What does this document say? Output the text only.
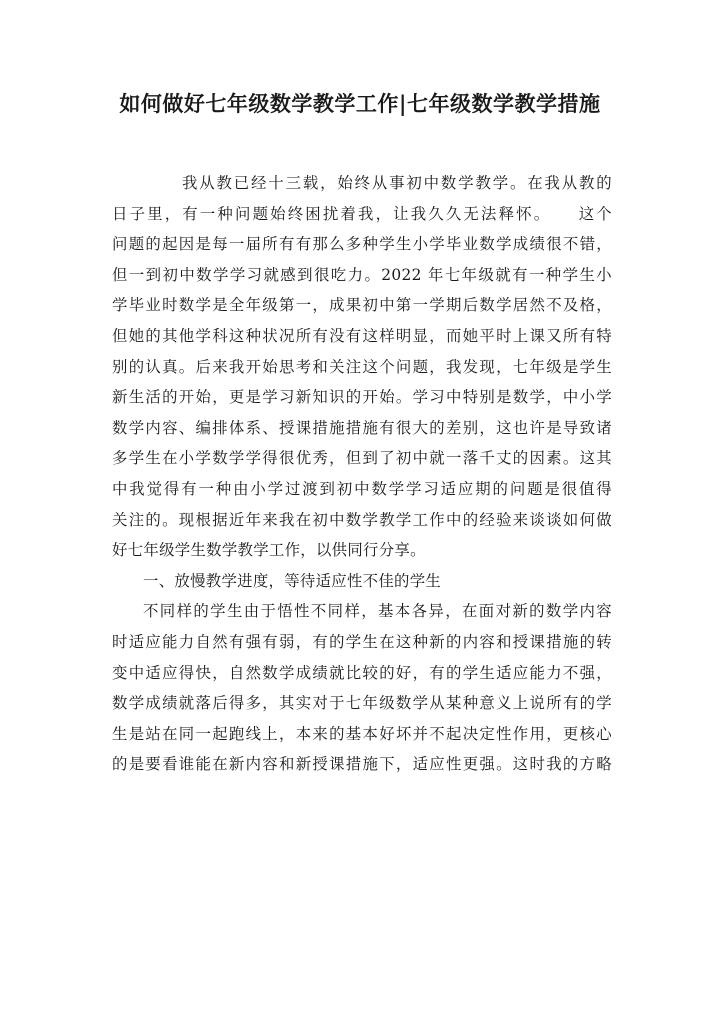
如何做好七年级数学教学工作|七年级数学教学措施
我从教已经十三载，始终从事初中数学教学。在我从教的
日子里，有一种问题始终困扰着我，让我久久无法释怀。　　这个
问题的起因是每一届所有有那么多种学生小学毕业数学成绩很不错，
但一到初中数学学习就感到很吃力。2022 年七年级就有一种学生小
学毕业时数学是全年级第一，成果初中第一学期后数学居然不及格，
但她的其他学科这种状况所有没有这样明显，而她平时上课又所有特
别的认真。后来我开始思考和关注这个问题，我发现，七年级是学生
新生活的开始，更是学习新知识的开始。学习中特别是数学，中小学
数学内容、编排体系、授课措施措施有很大的差别，这也许是导致诸
多学生在小学数学学得很优秀，但到了初中就一落千丈的因素。这其
中我觉得有一种由小学过渡到初中数学学习适应期的问题是很值得
关注的。现根据近年来我在初中数学教学工作中的经验来谈谈如何做
好七年级学生数学教学工作，以供同行分享。
一、放慢教学进度，等待适应性不佳的学生
不同样的学生由于悟性不同样，基本各异，在面对新的数学内容
时适应能力自然有强有弱，有的学生在这种新的内容和授课措施的转
变中适应得快，自然数学成绩就比较的好，有的学生适应能力不强，
数学成绩就落后得多，其实对于七年级数学从某种意义上说所有的学
生是站在同一起跑线上，本来的基本好坏并不起决定性作用，更核心
的是要看谁能在新内容和新授课措施下，适应性更强。这时我的方略
